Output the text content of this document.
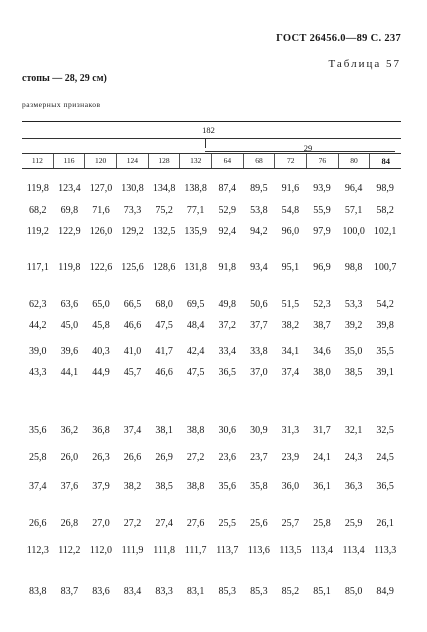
ГОСТ 26456.0—89 С. 237
Таблица 57
стопы — 28, 29 см)
размерных признаков
182
29
112	116	120	124	128	132	64	68	72	76	80	84
119,8 123,4 127,0 130,8 134,8 138,8	87,4	89,5	91,6	93,9	96,4	98,9
68,2	69,8	71,6	73,3	75,2	77,1	52,9	53,8	54,8	55,9	57,1	58,2
119,2 122,9 126,0 129,2 132,5 135,9	92,4	94,2	96,0	97,9	100,0 102,1
117,1 119,8 122,6 125,6 128,6 131,8	91,8	93,4	95,1	96,9	98,8	100,7
62,3	63,6	65,0	66,5	68,0	69,5	49,8	50,6	51,5	52,3	53,3	54,2
44,2	45,0	45,8	46,6	47,5	48,4	37,2	37,7	38,2	38,7	39,2	39,8
39,0	39,6	40,3	41,0	41,7	42,4	33,4	33,8	34,1	34,6	35,0	35,5
43,3	44,1	44,9	45,7	46,6	47,5	36,5	37,0	37,4	38,0	38,5	39,1
35,6	36,2	36,8	37,4	38,1	38,8	30,6	30,9	31,3	31,7	32,1	32,5
25,8	26,0	26,3	26,6	26,9	27,2	23,6	23,7	23,9	24,1	24,3	24,5
37,4	37,6	37,9	38,2	38,5	38,8	35,6	35,8	36,0	36,1	36,3	36,5
26,6	26,8	27,0	27,2	27,4	27,6	25,5	25,6	25,7	25,8	25,9	26,1
112,3 112,2 112,0 111,9 111,8 111,7 113,7 113,6 113,5 113,4 113,4 113,3
83,8	83,7	83,6	83,4	83,3	83,1	85,3	85,3	85,2	85,1	85,0	84,9
